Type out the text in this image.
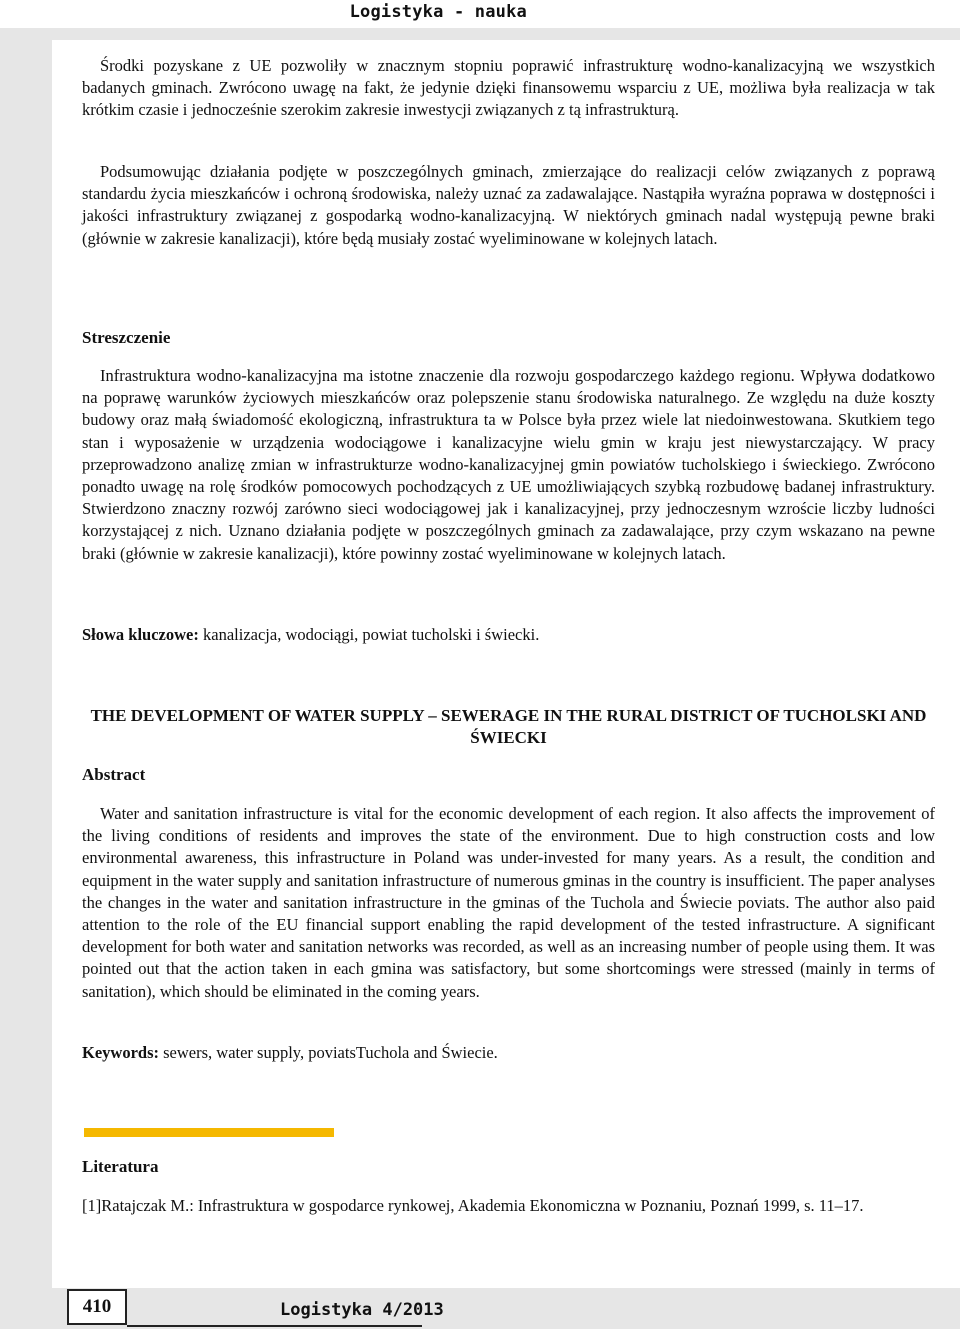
Logistyka - nauka

Środki pozyskane z UE pozwoliły w znacznym stopniu poprawić infrastrukturę wodno-kanalizacyjną we wszystkich badanych gminach. Zwrócono uwagę na fakt, że jedynie dzięki finansowemu wsparciu z UE, możliwa była realizacja w tak krótkim czasie i jednocześnie szerokim zakresie inwestycji związanych z tą infrastrukturą.

Podsumowując działania podjęte w poszczególnych gminach, zmierzające do realizacji celów związanych z poprawą standardu życia mieszkańców i ochroną środowiska, należy uznać za zadawalające. Nastąpiła wyraźna poprawa w dostępności i jakości infrastruktury związanej z gospodarką wodno-kanalizacyjną. W niektórych gminach nadal występują pewne braki (głównie w zakresie kanalizacji), które będą musiały zostać wyeliminowane w kolejnych latach.

Streszczenie

Infrastruktura wodno-kanalizacyjna ma istotne znaczenie dla rozwoju gospodarczego każdego regionu. Wpływa dodatkowo na poprawę warunków życiowych mieszkańców oraz polepszenie stanu środowiska naturalnego. Ze względu na duże koszty budowy oraz małą świadomość ekologiczną, infrastruktura ta w Polsce była przez wiele lat niedoinwestowana. Skutkiem tego stan i wyposażenie w urządzenia wodociągowe i kanalizacyjne wielu gmin w kraju jest niewystarczający. W pracy przeprowadzono analizę zmian w infrastrukturze wodno-kanalizacyjnej gmin powiatów tucholskiego i świeckiego. Zwrócono ponadto uwagę na rolę środków pomocowych pochodzących z UE umożliwiających szybką rozbudowę badanej infrastruktury. Stwierdzono znaczny rozwój zarówno sieci wodociągowej jak i kanalizacyjnej, przy jednoczesnym wzroście liczby ludności korzystającej z nich. Uznano działania podjęte w poszczególnych gminach za zadawalające, przy czym wskazano na pewne braki (głównie w zakresie kanalizacji), które powinny zostać wyeliminowane w kolejnych latach.

Słowa kluczowe: kanalizacja, wodociągi, powiat tucholski i świecki.

THE DEVELOPMENT OF WATER SUPPLY – SEWERAGE IN THE RURAL DISTRICT OF TUCHOLSKI AND ŚWIECKI

Abstract

Water and sanitation infrastructure is vital for the economic development of each region. It also affects the improvement of the living conditions of residents and improves the state of the environment. Due to high construction costs and low environmental awareness, this infrastructure in Poland was under-invested for many years. As a result, the condition and equipment in the water supply and sanitation infrastructure of numerous gminas in the country is insufficient. The paper analyses the changes in the water and sanitation infrastructure in the gminas of the Tuchola and Świecie poviats. The author also paid attention to the role of the EU financial support enabling the rapid development of the tested infrastructure. A significant development for both water and sanitation networks was recorded, as well as an increasing number of people using them. It was pointed out that the action taken in each gmina was satisfactory, but some shortcomings were stressed (mainly in terms of sanitation), which should be eliminated in the coming years.

Keywords: sewers, water supply, poviatsTuchola and Świecie.

Literatura

[1]Ratajczak M.: Infrastruktura w gospodarce rynkowej, Akademia Ekonomiczna w Poznaniu, Poznań 1999, s. 11–17.

410	Logistyka 4/2013
